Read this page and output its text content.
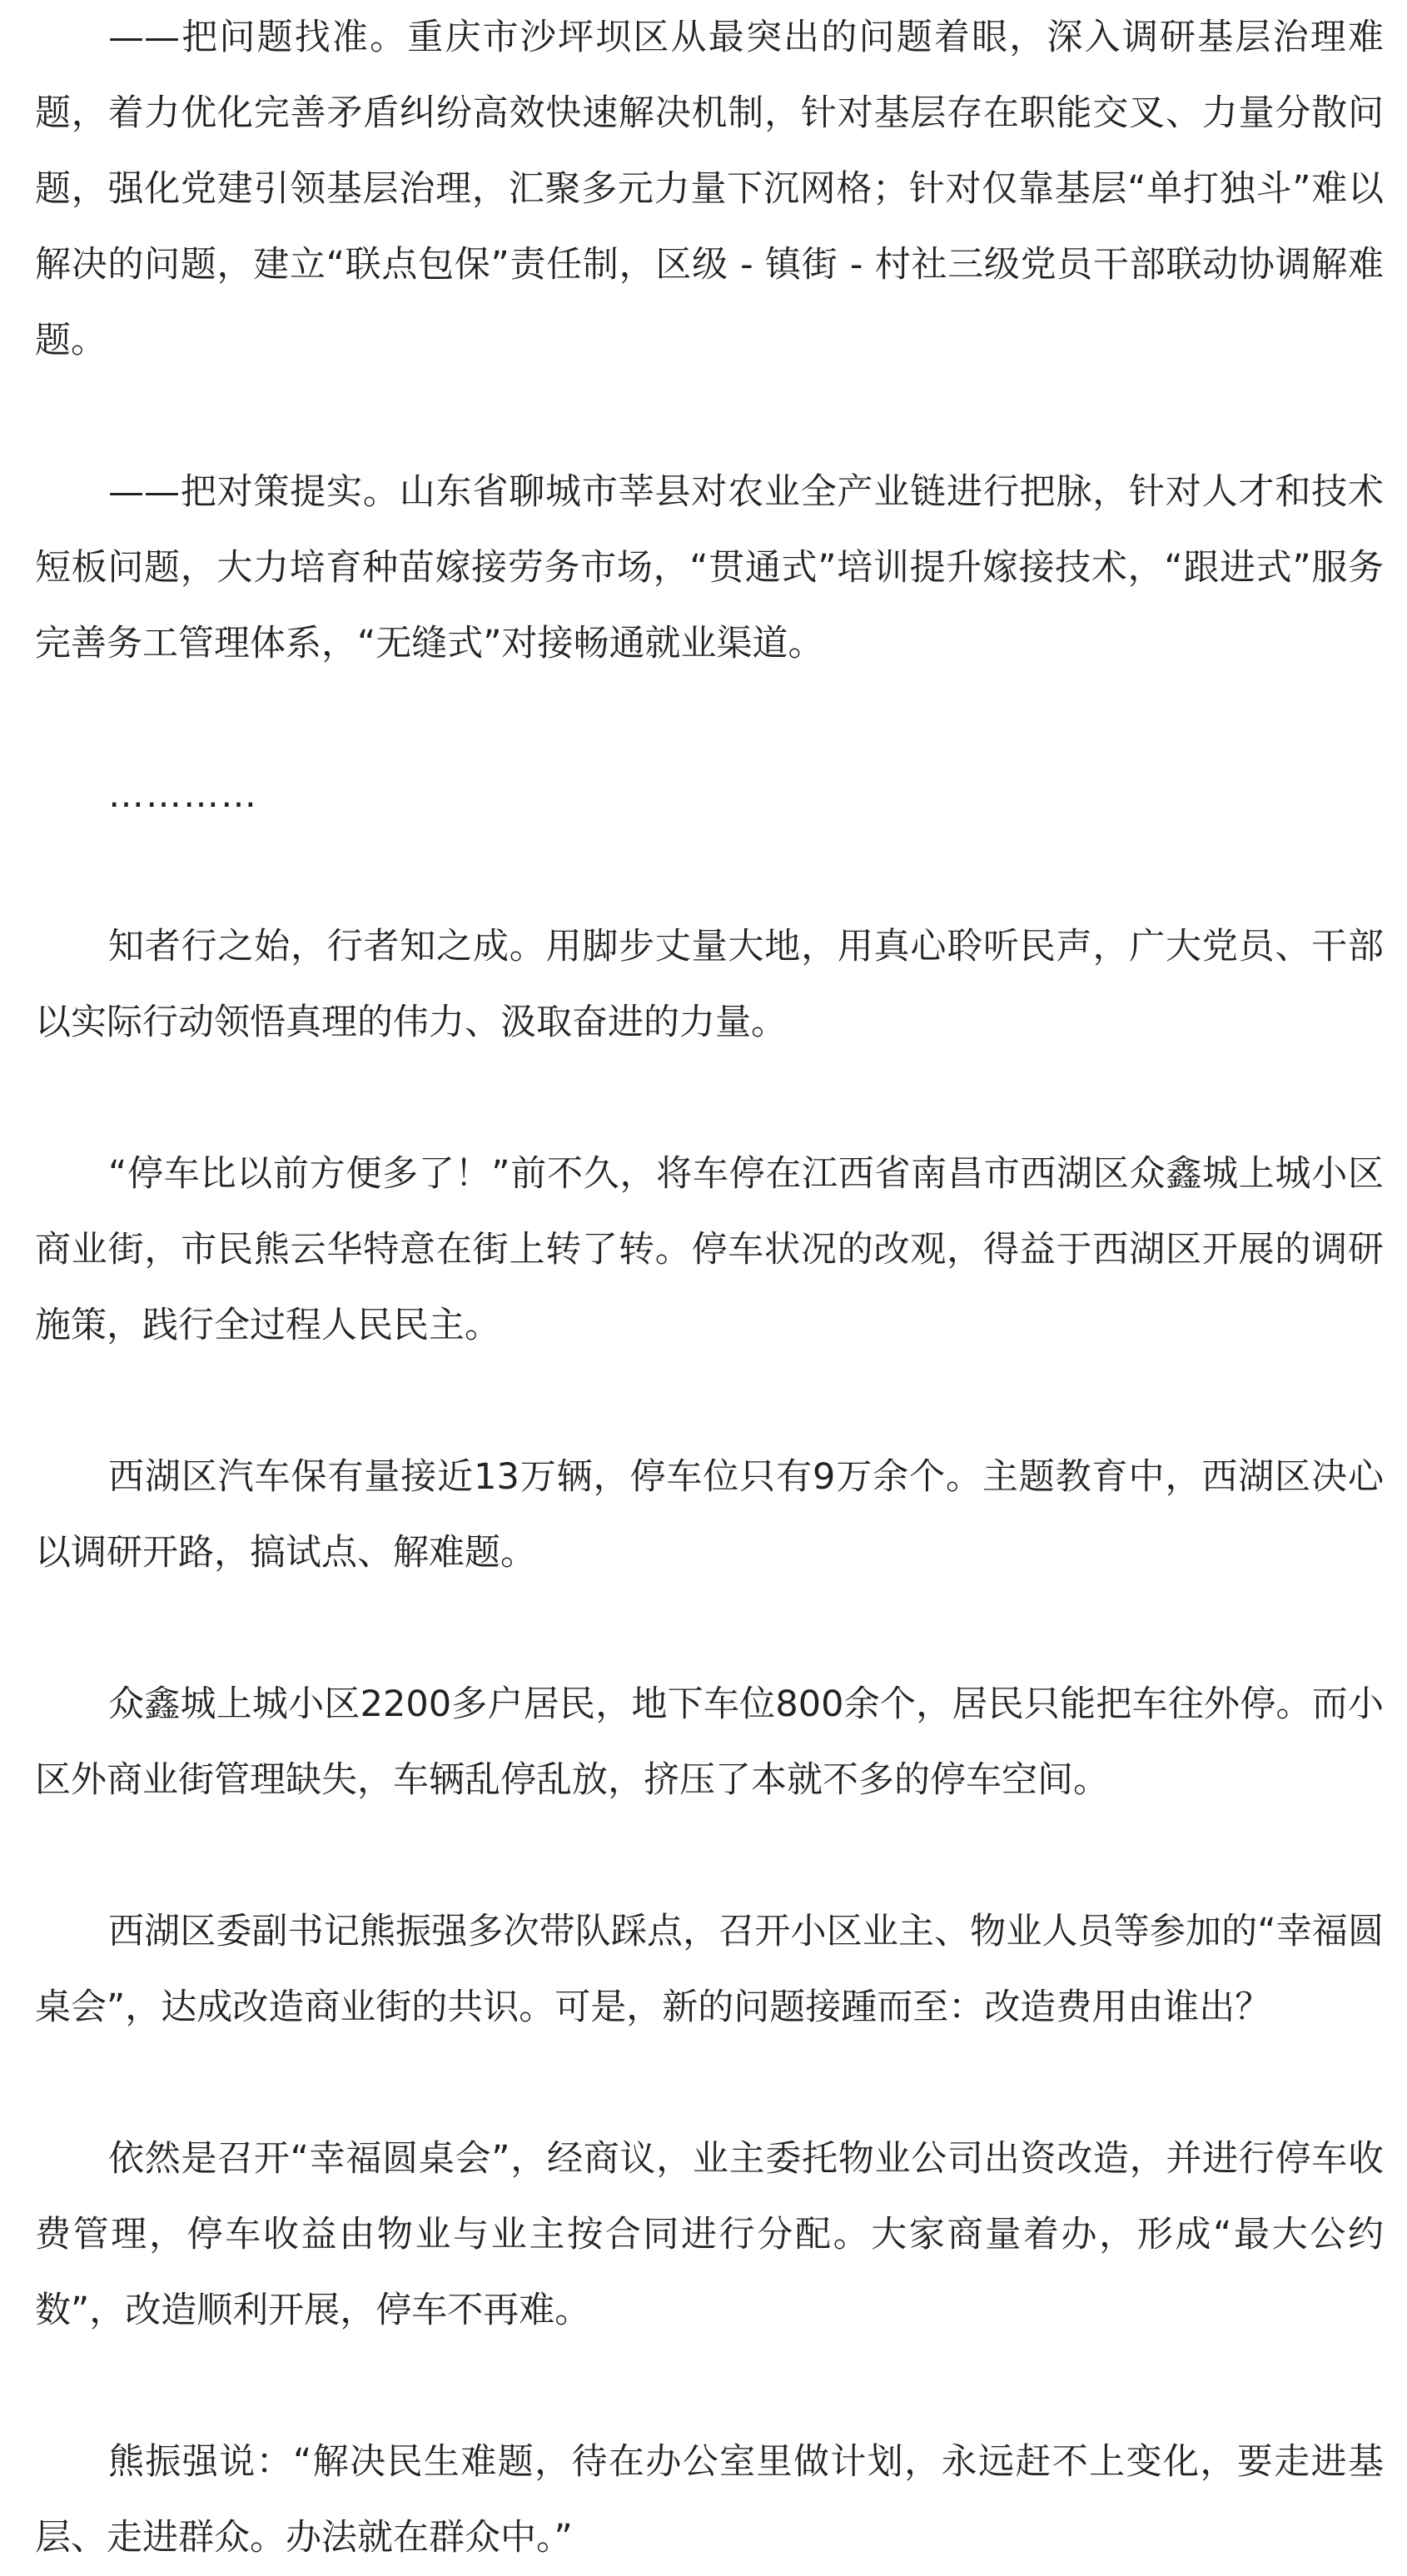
——把问题找准。重庆市沙坪坝区从最突出的问题着眼，深入调研基层治理难题，着力优化完善矛盾纠纷高效快速解决机制，针对基层存在职能交叉、力量分散问题，强化党建引领基层治理，汇聚多元力量下沉网格；针对仅靠基层“单打独斗”难以解决的问题，建立“联点包保”责任制，区级 - 镇街 - 村社三级党员干部联动协调解难题。

——把对策提实。山东省聊城市莘县对农业全产业链进行把脉，针对人才和技术短板问题，大力培育种苗嫁接劳务市场，“贯通式”培训提升嫁接技术，“跟进式”服务完善务工管理体系，“无缝式”对接畅通就业渠道。

…………

知者行之始，行者知之成。用脚步丈量大地，用真心聆听民声，广大党员、干部以实际行动领悟真理的伟力、汲取奋进的力量。

“停车比以前方便多了！”前不久，将车停在江西省南昌市西湖区众鑫城上城小区商业街，市民熊云华特意在街上转了转。停车状况的改观，得益于西湖区开展的调研施策，践行全过程人民民主。

西湖区汽车保有量接近13万辆，停车位只有9万余个。主题教育中，西湖区决心以调研开路，搞试点、解难题。

众鑫城上城小区2200多户居民，地下车位800余个，居民只能把车往外停。而小区外商业街管理缺失，车辆乱停乱放，挤压了本就不多的停车空间。

西湖区委副书记熊振强多次带队踩点，召开小区业主、物业人员等参加的“幸福圆桌会”，达成改造商业街的共识。可是，新的问题接踵而至：改造费用由谁出？

依然是召开“幸福圆桌会”，经商议，业主委托物业公司出资改造，并进行停车收费管理，停车收益由物业与业主按合同进行分配。大家商量着办，形成“最大公约数”，改造顺利开展，停车不再难。

熊振强说：“解决民生难题，待在办公室里做计划，永远赶不上变化，要走进基层、走进群众。办法就在群众中。”
